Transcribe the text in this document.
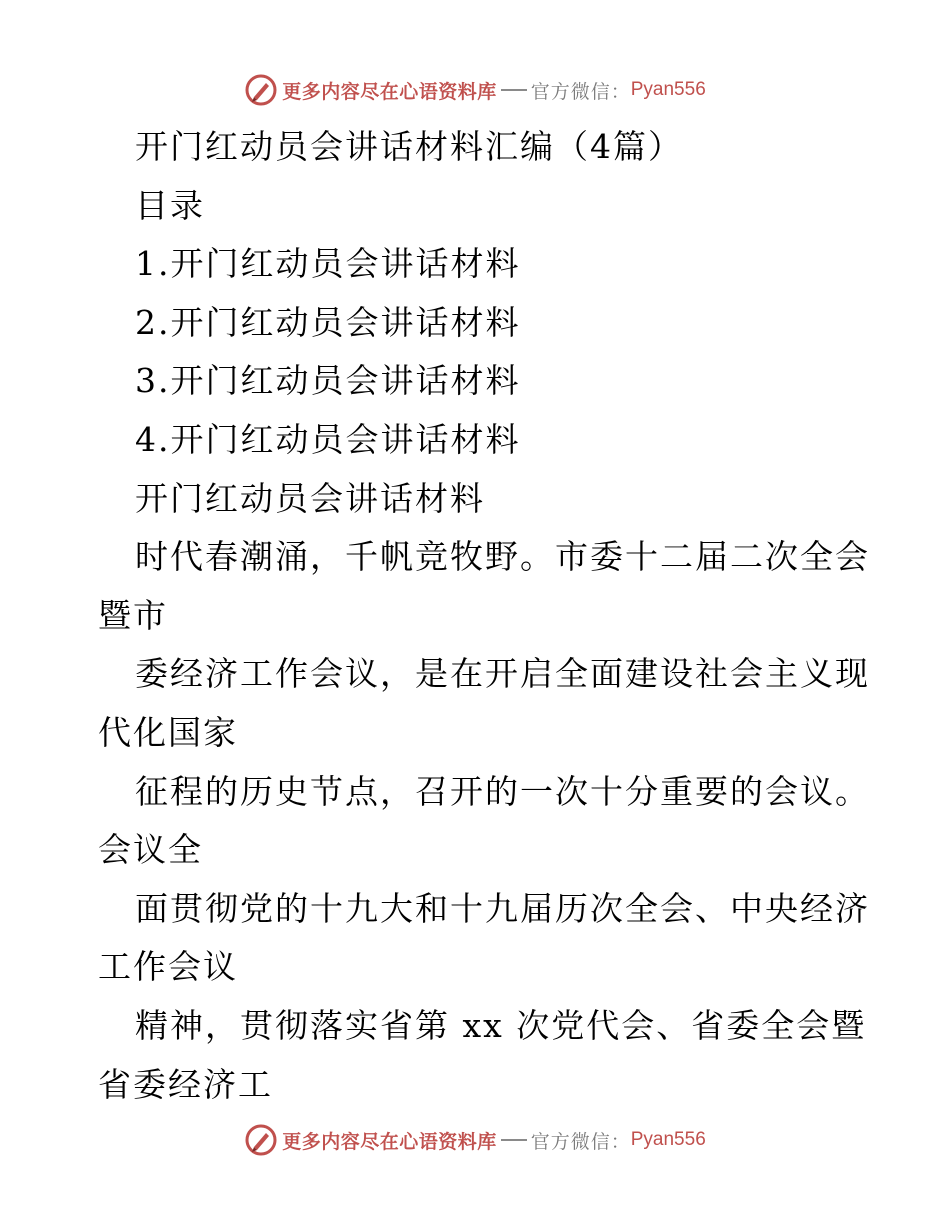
更多内容尽在心语资料库 官方微信： Pyan556
开门红动员会讲话材料汇编（4篇）
目录
1.开门红动员会讲话材料
2.开门红动员会讲话材料
3.开门红动员会讲话材料
4.开门红动员会讲话材料
开门红动员会讲话材料
时代春潮涌，千帆竞牧野。市委十二届二次全会
暨市
委经济工作会议，是在开启全面建设社会主义现
代化国家
征程的历史节点，召开的一次十分重要的会议。
会议全
面贯彻党的十九大和十九届历次全会、中央经济
工作会议
精神，贯彻落实省第 xx 次党代会、省委全会暨
省委经济工
更多内容尽在心语资料库 官方微信： Pyan556
